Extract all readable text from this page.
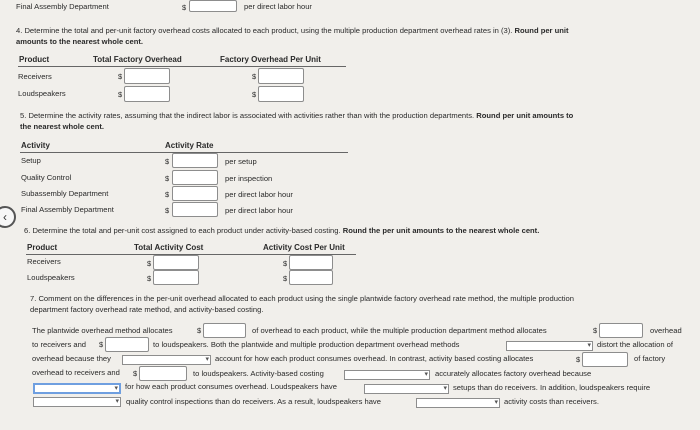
Final Assembly Department	$	per direct labor hour
4. Determine the total and per-unit factory overhead costs allocated to each product, using the multiple production department overhead rates in (3). Round per unit
amounts to the nearest whole cent.
Product	Total Factory Overhead	Factory Overhead Per Unit
Receivers	$	$
Loudspeakers	$	$
5. Determine the activity rates, assuming that the indirect labor is associated with activities rather than with the production departments. Round per unit amounts to
the nearest whole cent.
Activity	Activity Rate
Setup	$	per setup
Quality Control	$	per inspection
Subassembly Department	$	per direct labor hour
Final Assembly Department	$	per direct labor hour
‹
6. Determine the total and per-unit cost assigned to each product under activity-based costing. Round the per unit amounts to the nearest whole cent.
Product	Total Activity Cost	Activity Cost Per Unit
Receivers	$	$
Loudspeakers	$	$
7. Comment on the differences in the per-unit overhead allocated to each product using the single plantwide factory overhead rate method, the multiple production
department factory overhead rate method, and activity-based costing.
The plantwide overhead method allocates	$	of overhead to each product, while the multiple production department method allocates	$	overhead
to receivers and $	to loudspeakers. Both the plantwide and multiple production department overhead methods	▾ distort the allocation of
overhead because they	▾ account for how each product consumes overhead. In contrast, activity based costing allocates	$	of factory
overhead to receivers and $	to loudspeakers. Activity-based costing	▾ accurately allocates factory overhead because
▾ for how each product consumes overhead. Loudspeakers have	▾ setups than do receivers. In addition, loudspeakers require
▾ quality control inspections than do receivers. As a result, loudspeakers have	▾ activity costs than receivers.
